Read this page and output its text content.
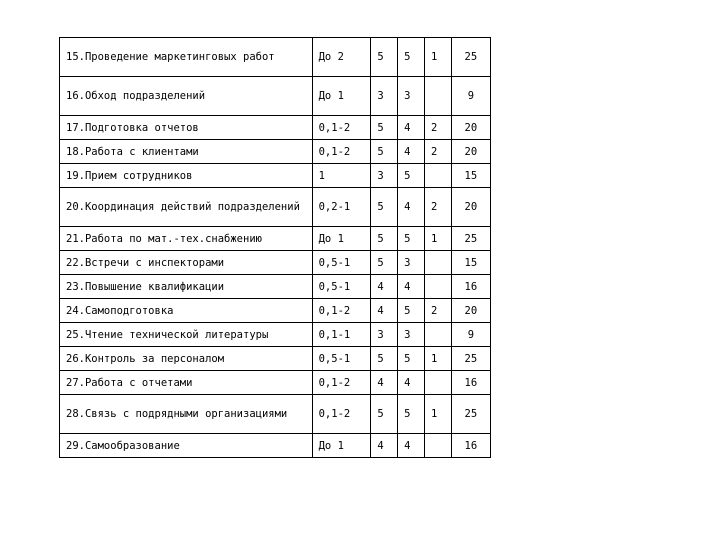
15.Проведение маркетинговых работ	До 2	5	5	1	25

16.Обход подразделений	До 1	3	3		9

17.Подготовка отчетов	0,1-2	5	4	2	20

18.Работа с клиентами	0,1-2	5	4	2	20

19.Прием сотрудников	1	3	5		15

20.Координация действий подразделений	0,2-1	5	4	2	20

21.Работа по мат.-тех.снабжению	До 1	5	5	1	25

22.Встречи с инспекторами	0,5-1	5	3		15

23.Повышение квалификации	0,5-1	4	4		16

24.Самоподготовка	0,1-2	4	5	2	20

25.Чтение технической литературы	0,1-1	3	3		9

26.Контроль за персоналом	0,5-1	5	5	1	25

27.Работа с отчетами	0,1-2	4	4		16

28.Связь с подрядными организациями	0,1-2	5	5	1	25

29.Самообразование	До 1	4	4		16
